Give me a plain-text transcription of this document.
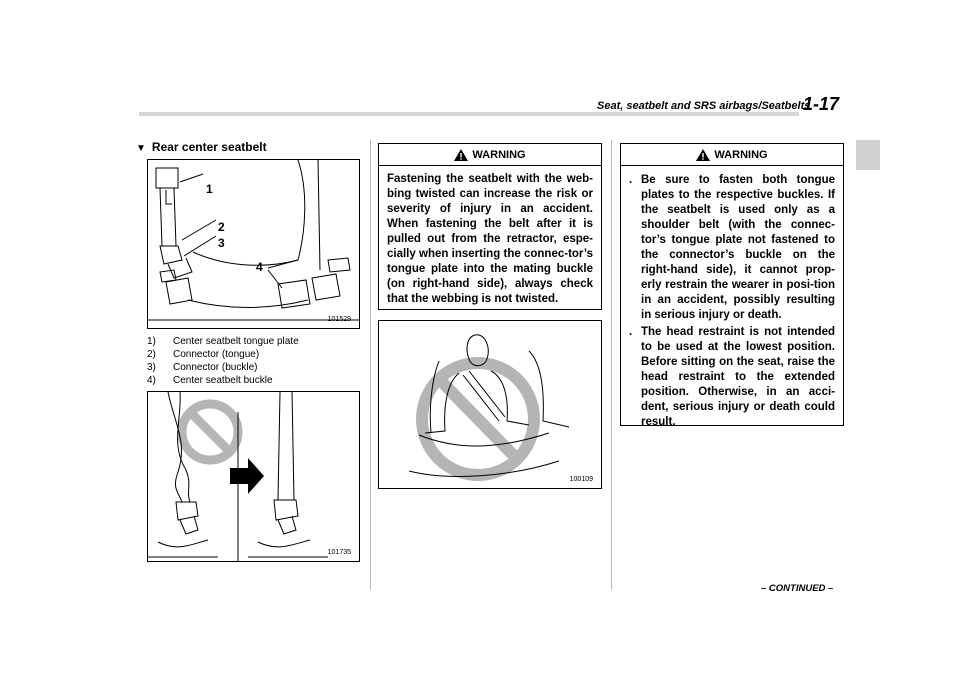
Seat, seatbelt and SRS airbags/Seatbelts
1-17
▼ Rear center seatbelt
1
2
3
4
101529
1)	Center seatbelt tongue plate
2)	Connector (tongue)
3)	Connector (buckle)
4)	Center seatbelt buckle
101735
WARNING
Fastening the seatbelt with the web-bing twisted can increase the risk or severity of injury in an accident. When fastening the belt after it is pulled out from the retractor, espe-cially when inserting the connec-tor’s tongue plate into the mating buckle (on right-hand side), always check that the webbing is not twisted.
100109
WARNING
. Be sure to fasten both tongue plates to the respective buckles. If the seatbelt is used only as a shoulder belt (with the connec-tor’s tongue plate not fastened to the connector’s buckle on the right-hand side), it cannot prop-erly restrain the wearer in posi-tion in an accident, possibly resulting in serious injury or death.
. The head restraint is not intended to be used at the lowest position. Before sitting on the seat, raise the head restraint to the extended position. Otherwise, in an acci-dent, serious injury or death could result.
– CONTINUED –
